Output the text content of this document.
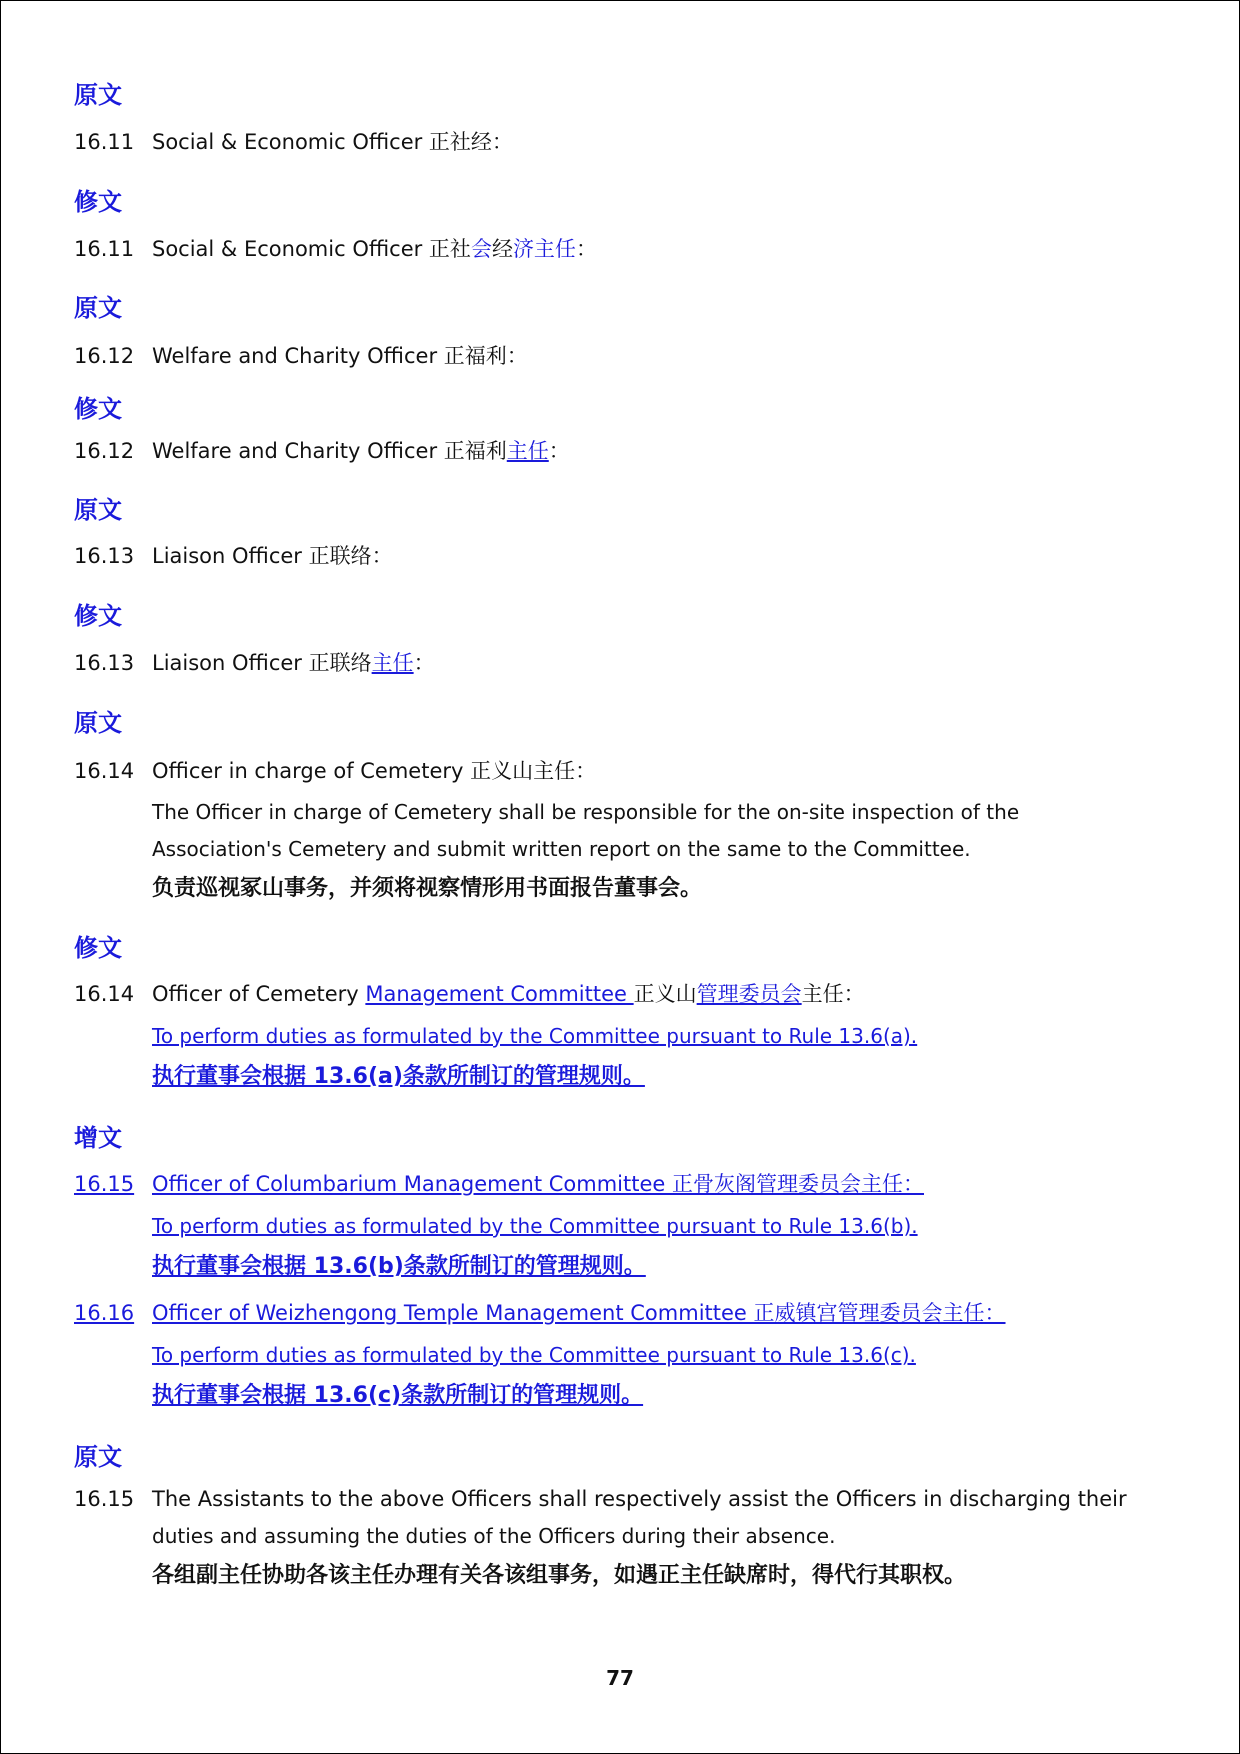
原文
16.11 Social & Economic Officer 正社经：
修文
16.11 Social & Economic Officer 正社会经济主任：
原文
16.12 Welfare and Charity Officer 正福利：
修文
16.12 Welfare and Charity Officer 正福利主任：
原文
16.13 Liaison Officer 正联络：
修文
16.13 Liaison Officer 正联络主任：
原文
16.14 Officer in charge of Cemetery 正义山主任：
The Officer in charge of Cemetery shall be responsible for the on-site inspection of the
Association's Cemetery and submit written report on the same to the Committee.
负责巡视冢山事务，并须将视察情形用书面报告董事会。
修文
16.14 Officer of Cemetery Management Committee 正义山管理委员会主任：
To perform duties as formulated by the Committee pursuant to Rule 13.6(a).
执行董事会根据 13.6(a)条款所制订的管理规则。
增文
16.15 Officer of Columbarium Management Committee 正骨灰阁管理委员会主任：
To perform duties as formulated by the Committee pursuant to Rule 13.6(b).
执行董事会根据 13.6(b)条款所制订的管理规则。
16.16 Officer of Weizhengong Temple Management Committee 正威镇宫管理委员会主任：
To perform duties as formulated by the Committee pursuant to Rule 13.6(c).
执行董事会根据 13.6(c)条款所制订的管理规则。
原文
16.15 The Assistants to the above Officers shall respectively assist the Officers in discharging their
duties and assuming the duties of the Officers during their absence.
各组副主任协助各该主任办理有关各该组事务，如遇正主任缺席时，得代行其职权。
77
